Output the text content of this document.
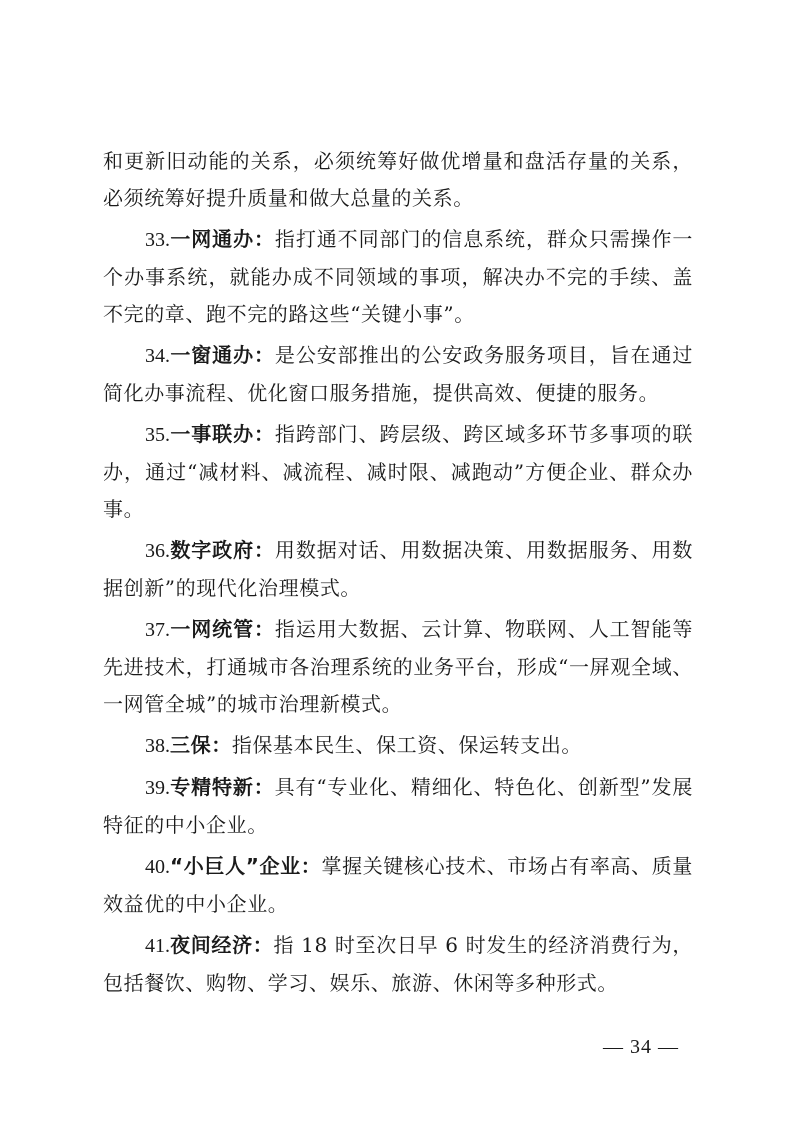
和更新旧动能的关系，必须统筹好做优增量和盘活存量的关系，必须统筹好提升质量和做大总量的关系。

33.一网通办：指打通不同部门的信息系统，群众只需操作一个办事系统，就能办成不同领域的事项，解决办不完的手续、盖不完的章、跑不完的路这些“关键小事”。

34.一窗通办：是公安部推出的公安政务服务项目，旨在通过简化办事流程、优化窗口服务措施，提供高效、便捷的服务。

35.一事联办：指跨部门、跨层级、跨区域多环节多事项的联办，通过“减材料、减流程、减时限、减跑动”方便企业、群众办事。

36.数字政府：用数据对话、用数据决策、用数据服务、用数据创新”的现代化治理模式。

37.一网统管：指运用大数据、云计算、物联网、人工智能等先进技术，打通城市各治理系统的业务平台，形成“一屏观全域、一网管全城”的城市治理新模式。

38.三保：指保基本民生、保工资、保运转支出。

39.专精特新：具有“专业化、精细化、特色化、创新型”发展特征的中小企业。

40.“小巨人”企业：掌握关键核心技术、市场占有率高、质量效益优的中小企业。

41.夜间经济：指 18 时至次日早 6 时发生的经济消费行为，包括餐饮、购物、学习、娱乐、旅游、休闲等多种形式。

— 34 —
